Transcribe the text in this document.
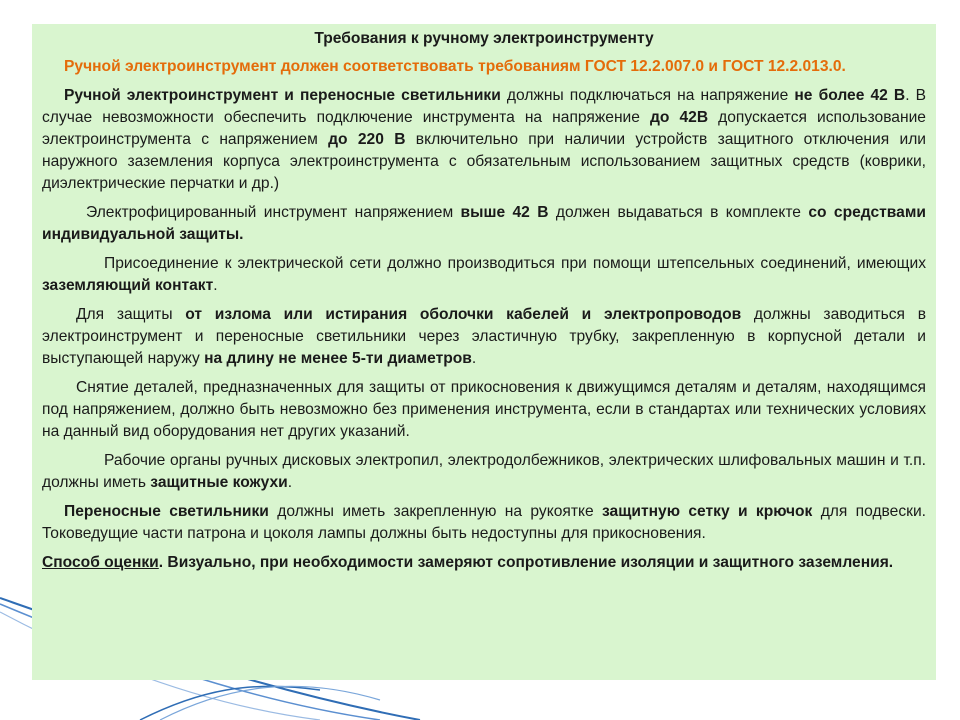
Требования к ручному электроинструменту

Ручной электроинструмент должен соответствовать требованиям ГОСТ 12.2.007.0 и ГОСТ 12.2.013.0.

Ручной электроинструмент и переносные светильники должны подключаться на напряжение не более 42 В. В случае невозможности обеспечить подключение инструмента на напряжение до 42В допускается использование электроинструмента с напряжением до 220 В включительно при наличии устройств защитного отключения или наружного заземления корпуса электроинструмента с обязательным использованием защитных средств (коврики, диэлектрические перчатки и др.)

Электрофицированный инструмент напряжением выше 42 В должен выдаваться в комплекте со средствами индивидуальной защиты.

Присоединение к электрической сети должно производиться при помощи штепсельных соединений, имеющих заземляющий контакт.

Для защиты от излома или истирания оболочки кабелей и электропроводов должны заводиться в электроинструмент и переносные светильники через эластичную трубку, закрепленную в корпусной детали и выступающей наружу на длину не менее 5-ти диаметров.

Снятие деталей, предназначенных для защиты от прикосновения к движущимся деталям и деталям, находящимся под напряжением, должно быть невозможно без применения инструмента, если в стандартах или технических условиях на данный вид оборудования нет других указаний.

Рабочие органы ручных дисковых электропил, электродолбежников, электрических шлифовальных машин и т.п. должны иметь защитные кожухи.

Переносные светильники должны иметь закрепленную на рукоятке защитную сетку и крючок для подвески. Токоведущие части патрона и цоколя лампы должны быть недоступны для прикосновения.

Способ оценки. Визуально, при необходимости замеряют сопротивление изоляции и защитного заземления.
